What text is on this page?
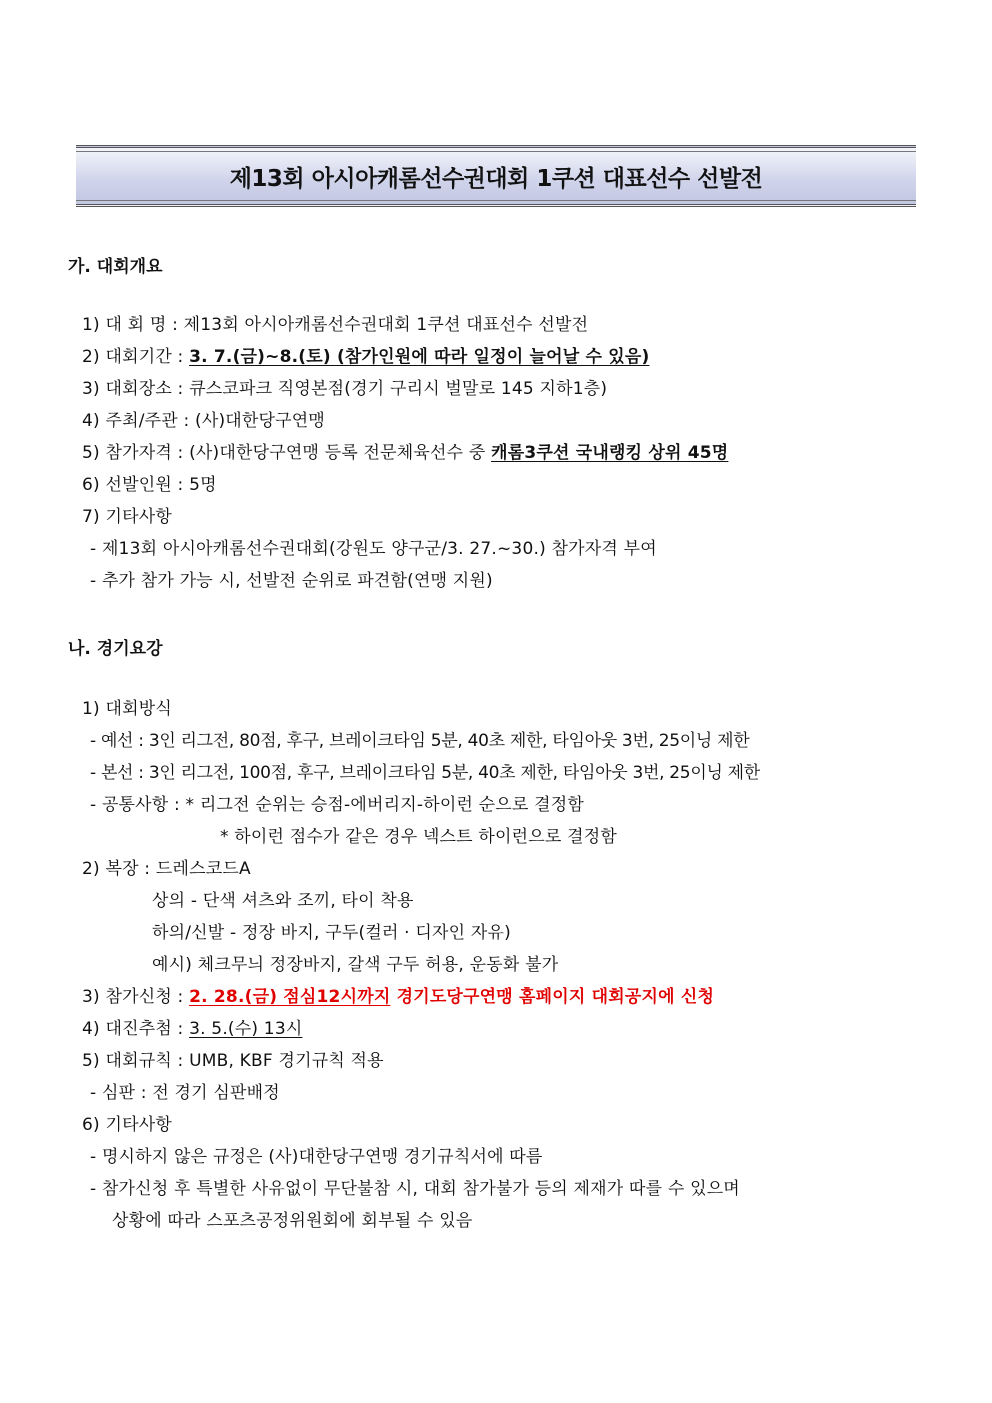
제13회 아시아캐롬선수권대회 1쿠션 대표선수 선발전
가. 대회개요
1) 대 회 명 : 제13회 아시아캐롬선수권대회 1쿠션 대표선수 선발전
2) 대회기간 : 3. 7.(금)~8.(토) (참가인원에 따라 일정이 늘어날 수 있음)
3) 대회장소 : 큐스코파크 직영본점(경기 구리시 벌말로 145 지하1층)
4) 주최/주관 : (사)대한당구연맹
5) 참가자격 : (사)대한당구연맹 등록 전문체육선수 중 캐롬3쿠션 국내랭킹 상위 45명
6) 선발인원 : 5명
7) 기타사항
- 제13회 아시아캐롬선수권대회(강원도 양구군/3. 27.~30.) 참가자격 부여
- 추가 참가 가능 시, 선발전 순위로 파견함(연맹 지원)
나. 경기요강
1) 대회방식
- 예선 : 3인 리그전, 80점, 후구, 브레이크타임 5분, 40초 제한, 타임아웃 3번, 25이닝 제한
- 본선 : 3인 리그전, 100점, 후구, 브레이크타임 5분, 40초 제한, 타임아웃 3번, 25이닝 제한
- 공통사항 : * 리그전 순위는 승점-에버리지-하이런 순으로 결정함
* 하이런 점수가 같은 경우 넥스트 하이런으로 결정함
2) 복장 : 드레스코드A
상의 - 단색 셔츠와 조끼, 타이 착용
하의/신발 - 정장 바지, 구두(컬러 · 디자인 자유)
예시) 체크무늬 정장바지, 갈색 구두 허용, 운동화 불가
3) 참가신청 : 2. 28.(금) 점심12시까지 경기도당구연맹 홈페이지 대회공지에 신청
4) 대진추첨 : 3. 5.(수) 13시
5) 대회규칙 : UMB, KBF 경기규칙 적용
- 심판 : 전 경기 심판배정
6) 기타사항
- 명시하지 않은 규정은 (사)대한당구연맹 경기규칙서에 따름
- 참가신청 후 특별한 사유없이 무단불참 시, 대회 참가불가 등의 제재가 따를 수 있으며
상황에 따라 스포츠공정위원회에 회부될 수 있음
